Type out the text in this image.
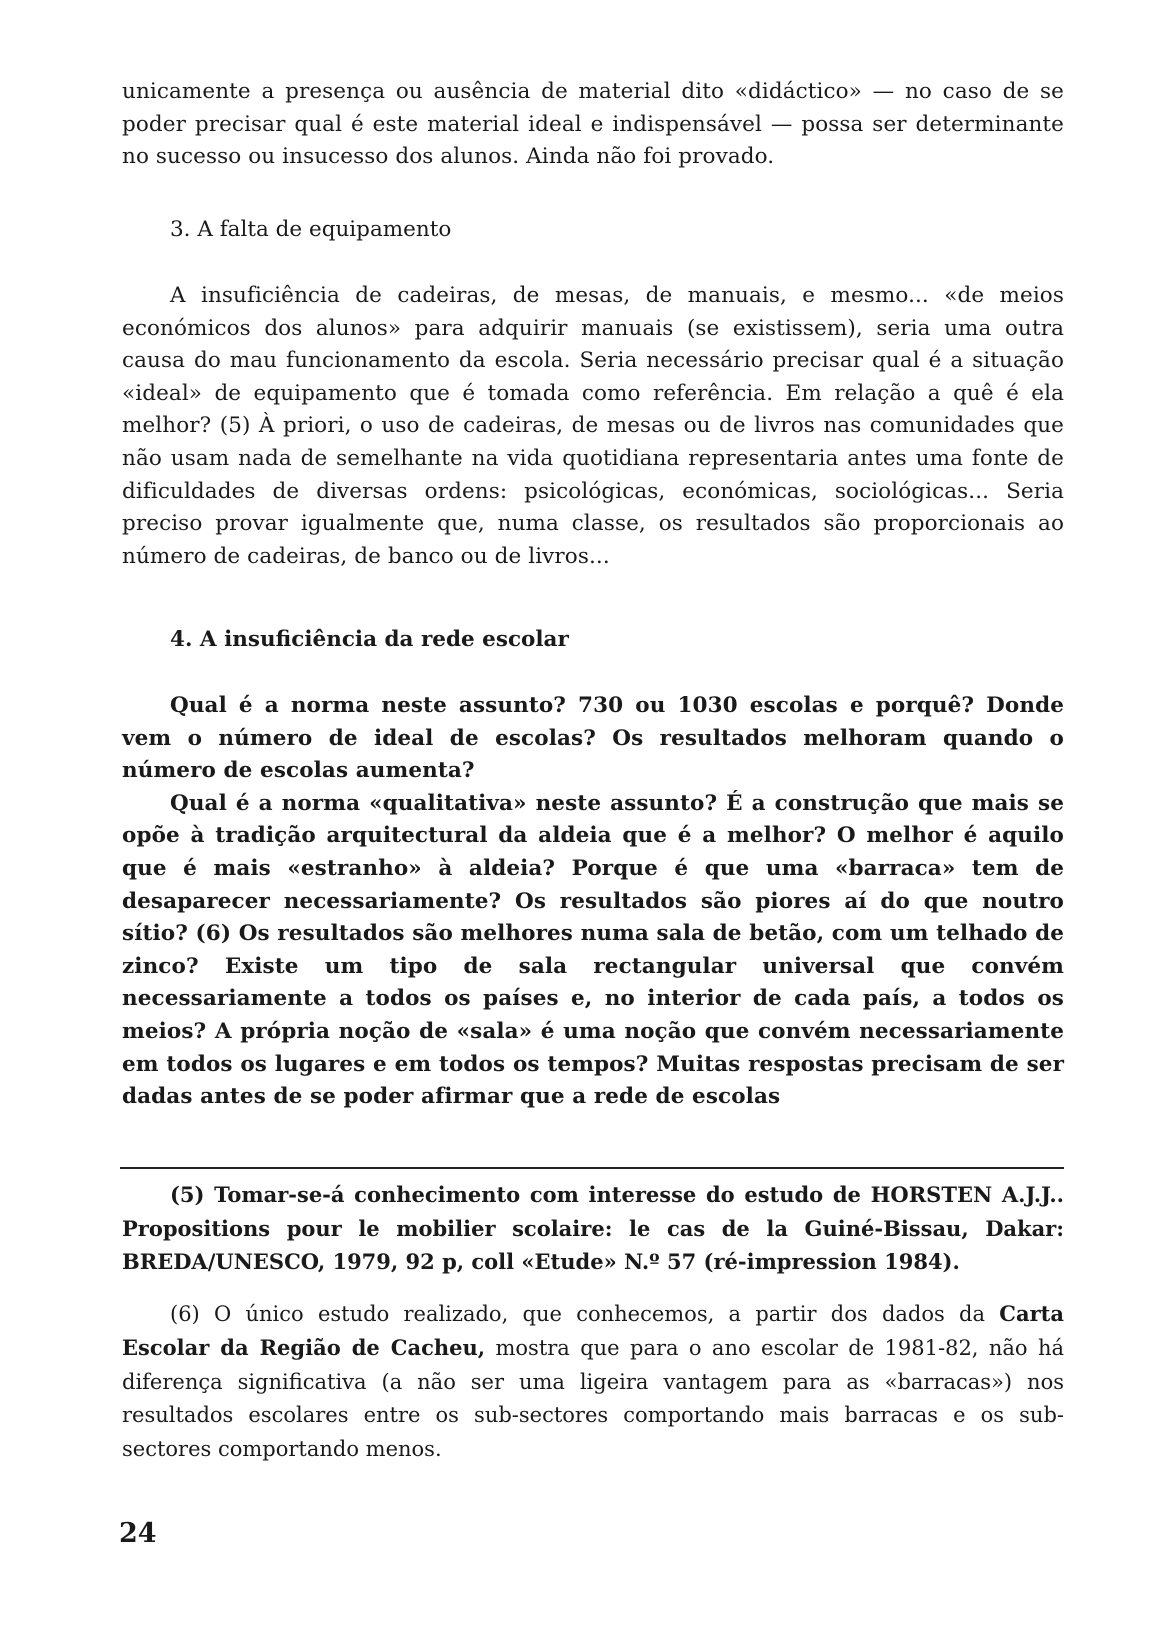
unicamente a presença ou ausência de material dito «didáctico» — no caso de se poder precisar qual é este material ideal e indispensável — possa ser determinante no sucesso ou insucesso dos alunos. Ainda não foi provado.

3. A falta de equipamento

A insuficiência de cadeiras, de mesas, de manuais, e mesmo... «de meios económicos dos alunos» para adquirir manuais (se existissem), seria uma outra causa do mau funcionamento da escola. Seria necessário precisar qual é a situação «ideal» de equipamento que é tomada como referência. Em relação a quê é ela melhor? (5) À priori, o uso de cadeiras, de mesas ou de livros nas comunidades que não usam nada de semelhante na vida quotidiana representaria antes uma fonte de dificuldades de diversas ordens: psicológicas, económicas, sociológicas... Seria preciso provar igualmente que, numa classe, os resultados são proporcionais ao número de cadeiras, de banco ou de livros...

4. A insuficiência da rede escolar

Qual é a norma neste assunto? 730 ou 1030 escolas e porquê? Donde vem o número de ideal de escolas? Os resultados melhoram quando o número de escolas aumenta?

Qual é a norma «qualitativa» neste assunto? É a construção que mais se opõe à tradição arquitectural da aldeia que é a melhor? O melhor é aquilo que é mais «estranho» à aldeia? Porque é que uma «barraca» tem de desaparecer necessariamente? Os resultados são piores aí do que noutro sítio? (6) Os resultados são melhores numa sala de betão, com um telhado de zinco? Existe um tipo de sala rectangular universal que convém necessariamente a todos os países e, no interior de cada país, a todos os meios? A própria noção de «sala» é uma noção que convém necessariamente em todos os lugares e em todos os tempos? Muitas respostas precisam de ser dadas antes de se poder afirmar que a rede de escolas

(5) Tomar-se-á conhecimento com interesse do estudo de HORSTEN A.J.J.. Propositions pour le mobilier scolaire: le cas de la Guiné-Bissau, Dakar: BREDA/UNESCO, 1979, 92 p, coll «Etude» N.º 57 (ré-impression 1984).

(6) O único estudo realizado, que conhecemos, a partir dos dados da Carta Escolar da Região de Cacheu, mostra que para o ano escolar de 1981-82, não há diferença significativa (a não ser uma ligeira vantagem para as «barracas») nos resultados escolares entre os sub-sectores comportando mais barracas e os sub-sectores comportando menos.

24
